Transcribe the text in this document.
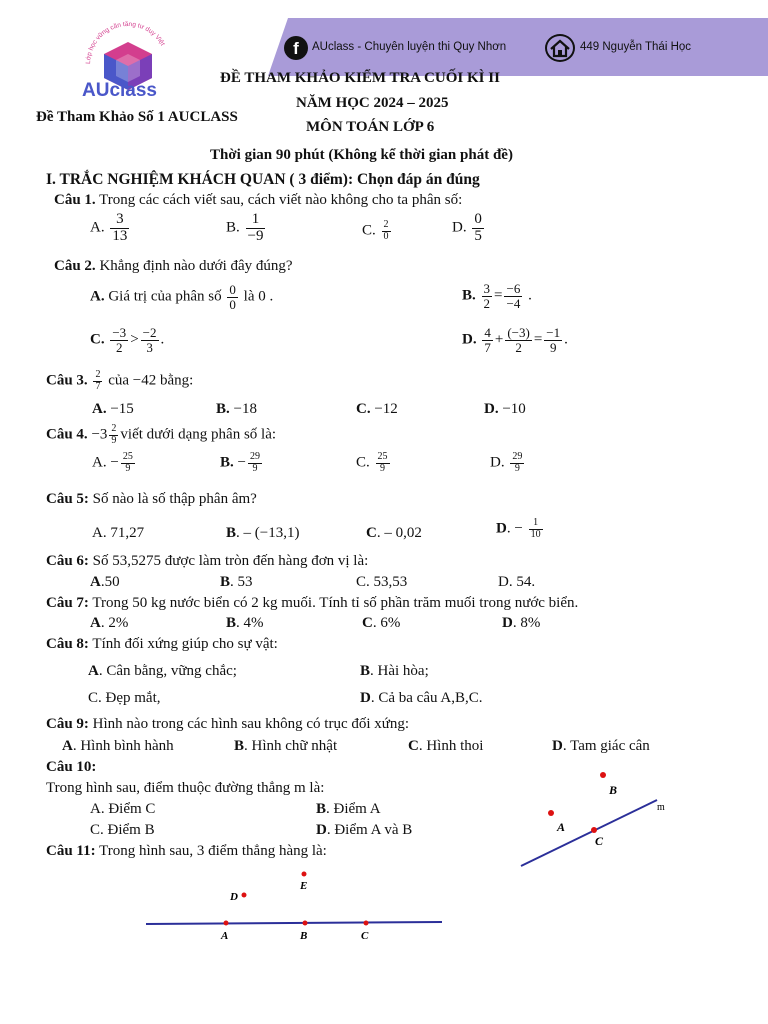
f	AUclass - Chuyên luyện thi Quy Nhơn	449 Nguyễn Thái Học
Lớp học vững căn tăng tư duy Việt
AUclass
ĐỀ THAM KHẢO KIỂM TRA CUỐI KÌ II
NĂM HỌC 2024 – 2025
Đề Tham Khảo Số 1 AUCLASS
MÔN TOÁN LỚP 6
Thời gian 90 phút (Không kể thời gian phát đề)
I. TRẮC NGHIỆM KHÁCH QUAN ( 3 điểm): Chọn đáp án đúng
Câu 1. Trong các cách viết sau, cách viết nào không cho ta phân số:
A. $\frac{3}{13}$	B. $\frac{1}{-9}$	C. $\frac{2}{0}$	D. $\frac{0}{5}$
Câu 2. Khẳng định nào dưới đây đúng?
A. Giá trị của phân số $\frac{0}{0}$ là 0 .	B. $\frac{3}{2} = \frac{-6}{-4}$ .
C. $\frac{-3}{2} > \frac{-2}{3}$ .	D. $\frac{4}{7} + \frac{(-3)}{2} = \frac{-1}{9}$ .
Câu 3. $\frac{2}{7}$ của −42 bằng:
A. −15	B. −18	C. −12	D. −10
Câu 4. $-3 \frac{2}{9}$ viết dưới dạng phân số là:
A. − $\frac{25}{9}$	B. − $\frac{29}{9}$	C. $\frac{25}{9}$	D. $\frac{29}{9}$
Câu 5: Số nào là số thập phân âm?
A. 71,27	B. – (−13,1)	C. – 0,02	D. − $\frac{1}{10}$
Câu 6: Số 53,5275 được làm tròn đến hàng đơn vị là:
A.50	B. 53	C. 53,53	D. 54.
Câu 7: Trong 50 kg nước biển có 2 kg muối. Tính tỉ số phần trăm muối trong nước biển.
A. 2%	B. 4%	C. 6%	D. 8%
Câu 8: Tính đối xứng giúp cho sự vật:
A. Cân bằng, vững chắc;	B. Hài hòa;
C. Đẹp mắt,	D. Cả ba câu A,B,C.
Câu 9: Hình nào trong các hình sau không có trục đối xứng:
A. Hình bình hành	B. Hình chữ nhật	C. Hình thoi	D. Tam giác cân
Câu 10:
Trong hình sau, điểm thuộc đường thẳng m là:
A. Điểm C	B. Điểm A
C. Điểm B	D. Điểm A và B
B
A
C
m
Câu 11: Trong hình sau, 3 điểm thẳng hàng là:
D
E
A	B	C
